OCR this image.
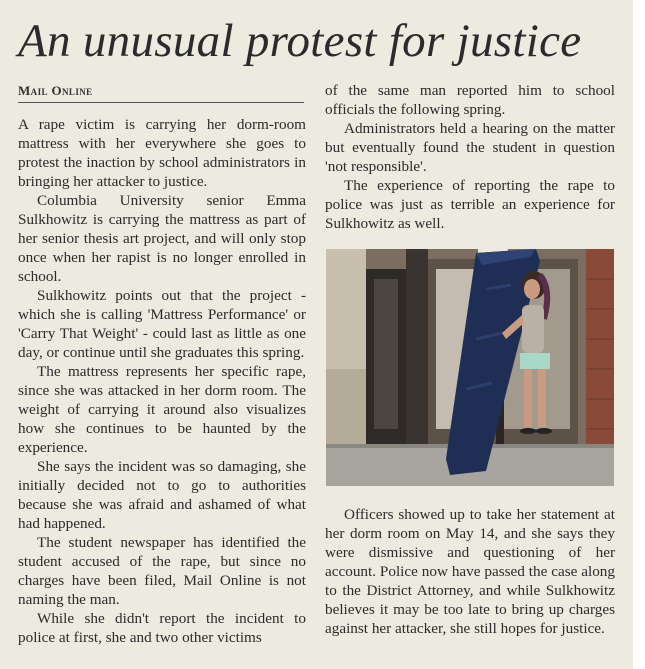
An unusual protest for justice
Mail Online

A rape victim is carrying her dorm-room mattress with her everywhere she goes to protest the inaction by school administrators in bringing her attacker to justice.

Columbia University senior Emma Sulkhowitz is carrying the mattress as part of her senior thesis art project, and will only stop once when her rapist is no longer enrolled in school.

Sulkhowitz points out that the project - which she is calling 'Mattress Performance' or 'Carry That Weight' - could last as little as one day, or continue until she graduates this spring.

The mattress represents her specific rape, since she was attacked in her dorm room. The weight of carrying it around also visualizes how she continues to be haunted by the experience.

She says the incident was so damaging, she initially decided not to go to authorities because she was afraid and ashamed of what had happened.

The student newspaper has identified the student accused of the rape, but since no charges have been filed, Mail Online is not naming the man.

While she didn't report the incident to police at first, she and two other victims

of the same man reported him to school officials the following spring.

Administrators held a hearing on the matter but eventually found the student in question 'not responsible'.

The experience of reporting the rape to police was just as terrible an experience for Sulkhowitz as well.

Officers showed up to take her statement at her dorm room on May 14, and she says they were dismissive and questioning of her account. Police now have passed the case along to the District Attorney, and while Sulkhowitz believes it may be too late to bring up charges against her attacker, she still hopes for justice.
